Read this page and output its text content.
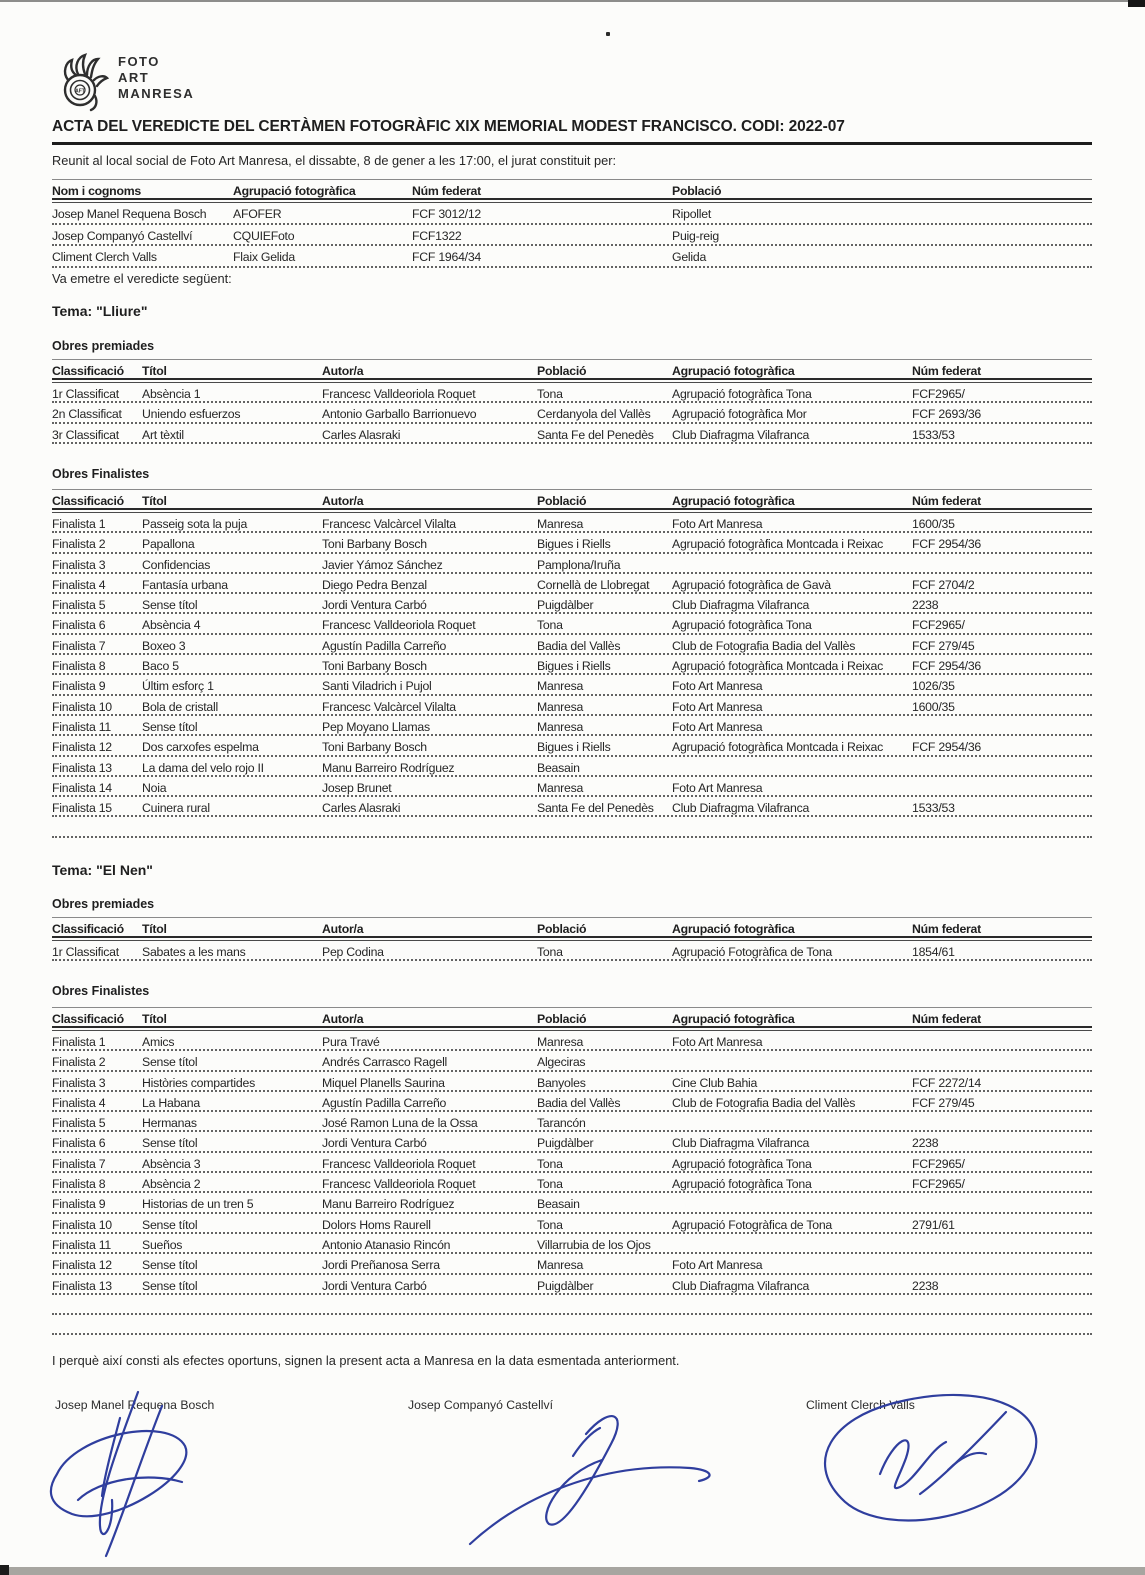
AFT
FOTO
ART
MANRESA
ACTA DEL VEREDICTE DEL CERTÀMEN FOTOGRÀFIC XIX MEMORIAL MODEST FRANCISCO. CODI: 2022-07
Reunit al local social de Foto Art Manresa, el dissabte, 8 de gener a les 17:00, el jurat constituit per:
Nom i cognoms	Agrupació fotogràfica	Núm federat	Població
Josep Manel Requena Bosch	AFOFER	FCF 3012/12	Ripollet
Josep Companyó Castellví	CQUIEFoto	FCF1322	Puig-reig
Climent Clerch Valls	Flaix Gelida	FCF 1964/34	Gelida
Va emetre el veredicte següent:
Tema: "Lliure"
Obres premiades
Classificació	Títol	Autor/a	Població	Agrupació fotogràfica	Núm federat
1r Classificat	Absència 1	Francesc Valldeoriola Roquet	Tona	Agrupació fotogràfica Tona	FCF2965/
2n Classificat	Uniendo esfuerzos	Antonio Garballo Barrionuevo	Cerdanyola del Vallès	Agrupació fotogràfica Mor	FCF 2693/36
3r Classificat	Art tèxtil	Carles Alasraki	Santa Fe del Penedès	Club Diafragma Vilafranca	1533/53
Obres Finalistes
Classificació	Títol	Autor/a	Població	Agrupació fotogràfica	Núm federat
Finalista 1	Passeig sota la puja	Francesc Valcàrcel Vilalta	Manresa	Foto Art Manresa	1600/35
Finalista 2	Papallona	Toni Barbany Bosch	Bigues i Riells	Agrupació fotogràfica Montcada i Reixac	FCF 2954/36
Finalista 3	Confidencias	Javier Yámoz Sánchez	Pamplona/Iruña
Finalista 4	Fantasía urbana	Diego Pedra Benzal	Cornellà de Llobregat	Agrupació fotogràfica de Gavà	FCF 2704/2
Finalista 5	Sense títol	Jordi Ventura Carbó	Puigdàlber	Club Diafragma Vilafranca	2238
Finalista 6	Absència 4	Francesc Valldeoriola Roquet	Tona	Agrupació fotogràfica Tona	FCF2965/
Finalista 7	Boxeo 3	Agustín Padilla Carreño	Badia del Vallès	Club de Fotografia Badia del Vallès	FCF 279/45
Finalista 8	Baco 5	Toni Barbany Bosch	Bigues i Riells	Agrupació fotogràfica Montcada i Reixac	FCF 2954/36
Finalista 9	Últim esforç 1	Santi Viladrich i Pujol	Manresa	Foto Art Manresa	1026/35
Finalista 10	Bola de cristall	Francesc Valcàrcel Vilalta	Manresa	Foto Art Manresa	1600/35
Finalista 11	Sense títol	Pep Moyano Llamas	Manresa	Foto Art Manresa
Finalista 12	Dos carxofes espelma	Toni Barbany Bosch	Bigues i Riells	Agrupació fotogràfica Montcada i Reixac	FCF 2954/36
Finalista 13	La dama del velo rojo II	Manu Barreiro Rodríguez	Beasain
Finalista 14	Noia	Josep Brunet	Manresa	Foto Art Manresa
Finalista 15	Cuinera rural	Carles Alasraki	Santa Fe del Penedès	Club Diafragma Vilafranca	1533/53
Tema: "El Nen"
Obres premiades
Classificació	Títol	Autor/a	Població	Agrupació fotogràfica	Núm federat
1r Classificat	Sabates a les mans	Pep Codina	Tona	Agrupació Fotogràfica de Tona	1854/61
Obres Finalistes
Classificació	Títol	Autor/a	Població	Agrupació fotogràfica	Núm federat
Finalista 1	Amics	Pura Travé	Manresa	Foto Art Manresa
Finalista 2	Sense títol	Andrés Carrasco Ragell	Algeciras
Finalista 3	Històries compartides	Miquel Planells Saurina	Banyoles	Cine Club Bahia	FCF 2272/14
Finalista 4	La Habana	Agustín Padilla Carreño	Badia del Vallès	Club de Fotografia Badia del Vallès	FCF 279/45
Finalista 5	Hermanas	José Ramon Luna de la Ossa	Tarancón
Finalista 6	Sense títol	Jordi Ventura Carbó	Puigdàlber	Club Diafragma Vilafranca	2238
Finalista 7	Absència 3	Francesc Valldeoriola Roquet	Tona	Agrupació fotogràfica Tona	FCF2965/
Finalista 8	Absència 2	Francesc Valldeoriola Roquet	Tona	Agrupació fotogràfica Tona	FCF2965/
Finalista 9	Historias de un tren 5	Manu Barreiro Rodríguez	Beasain
Finalista 10	Sense títol	Dolors Homs Raurell	Tona	Agrupació Fotogràfica de Tona	2791/61
Finalista 11	Sueños	Antonio Atanasio Rincón	Villarrubia de los Ojos
Finalista 12	Sense títol	Jordi Preñanosa Serra	Manresa	Foto Art Manresa
Finalista 13	Sense títol	Jordi Ventura Carbó	Puigdàlber	Club Diafragma Vilafranca	2238
I perquè així consti als efectes oportuns, signen la present acta a Manresa en la data esmentada anteriorment.
Josep Manel Requena Bosch	Josep Companyó Castellví	Climent Clerch Valls
